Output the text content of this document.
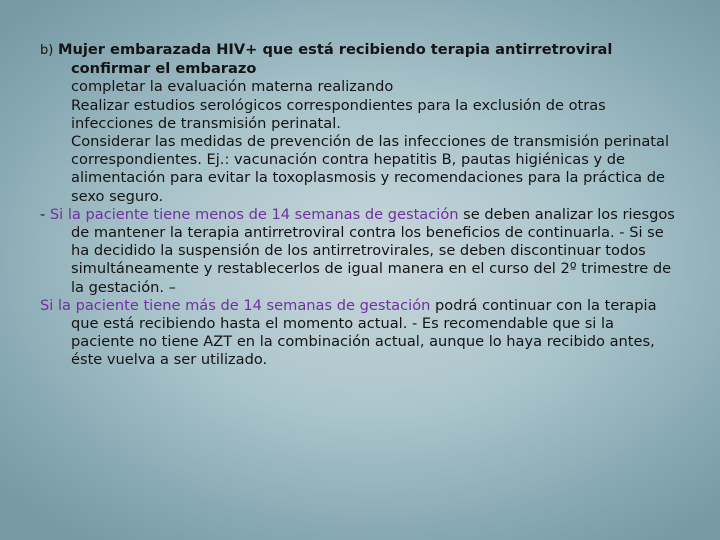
b) Mujer embarazada HIV+ que está recibiendo terapia antirretroviral

confirmar el embarazo

completar la evaluación materna realizando

Realizar estudios serológicos correspondientes para la exclusión de otras infecciones de transmisión perinatal.

Considerar las medidas de prevención de las infecciones de transmisión perinatal correspondientes. Ej.: vacunación contra hepatitis B, pautas higiénicas y de alimentación para evitar la toxoplasmosis y recomendaciones para la práctica de sexo seguro.

- Si la paciente tiene menos de 14 semanas de gestación se deben analizar los riesgos de mantener la terapia antirretroviral contra los beneficios de continuarla. - Si se ha decidido la suspensión de los antirretrovirales, se deben discontinuar todos simultáneamente y restablecerlos de igual manera en el curso del 2º trimestre de la gestación. –

Si la paciente tiene más de 14 semanas de gestación podrá continuar con la terapia que está recibiendo hasta el momento actual. - Es recomendable que si la paciente no tiene AZT en la combinación actual, aunque lo haya recibido antes, éste vuelva a ser utilizado.
